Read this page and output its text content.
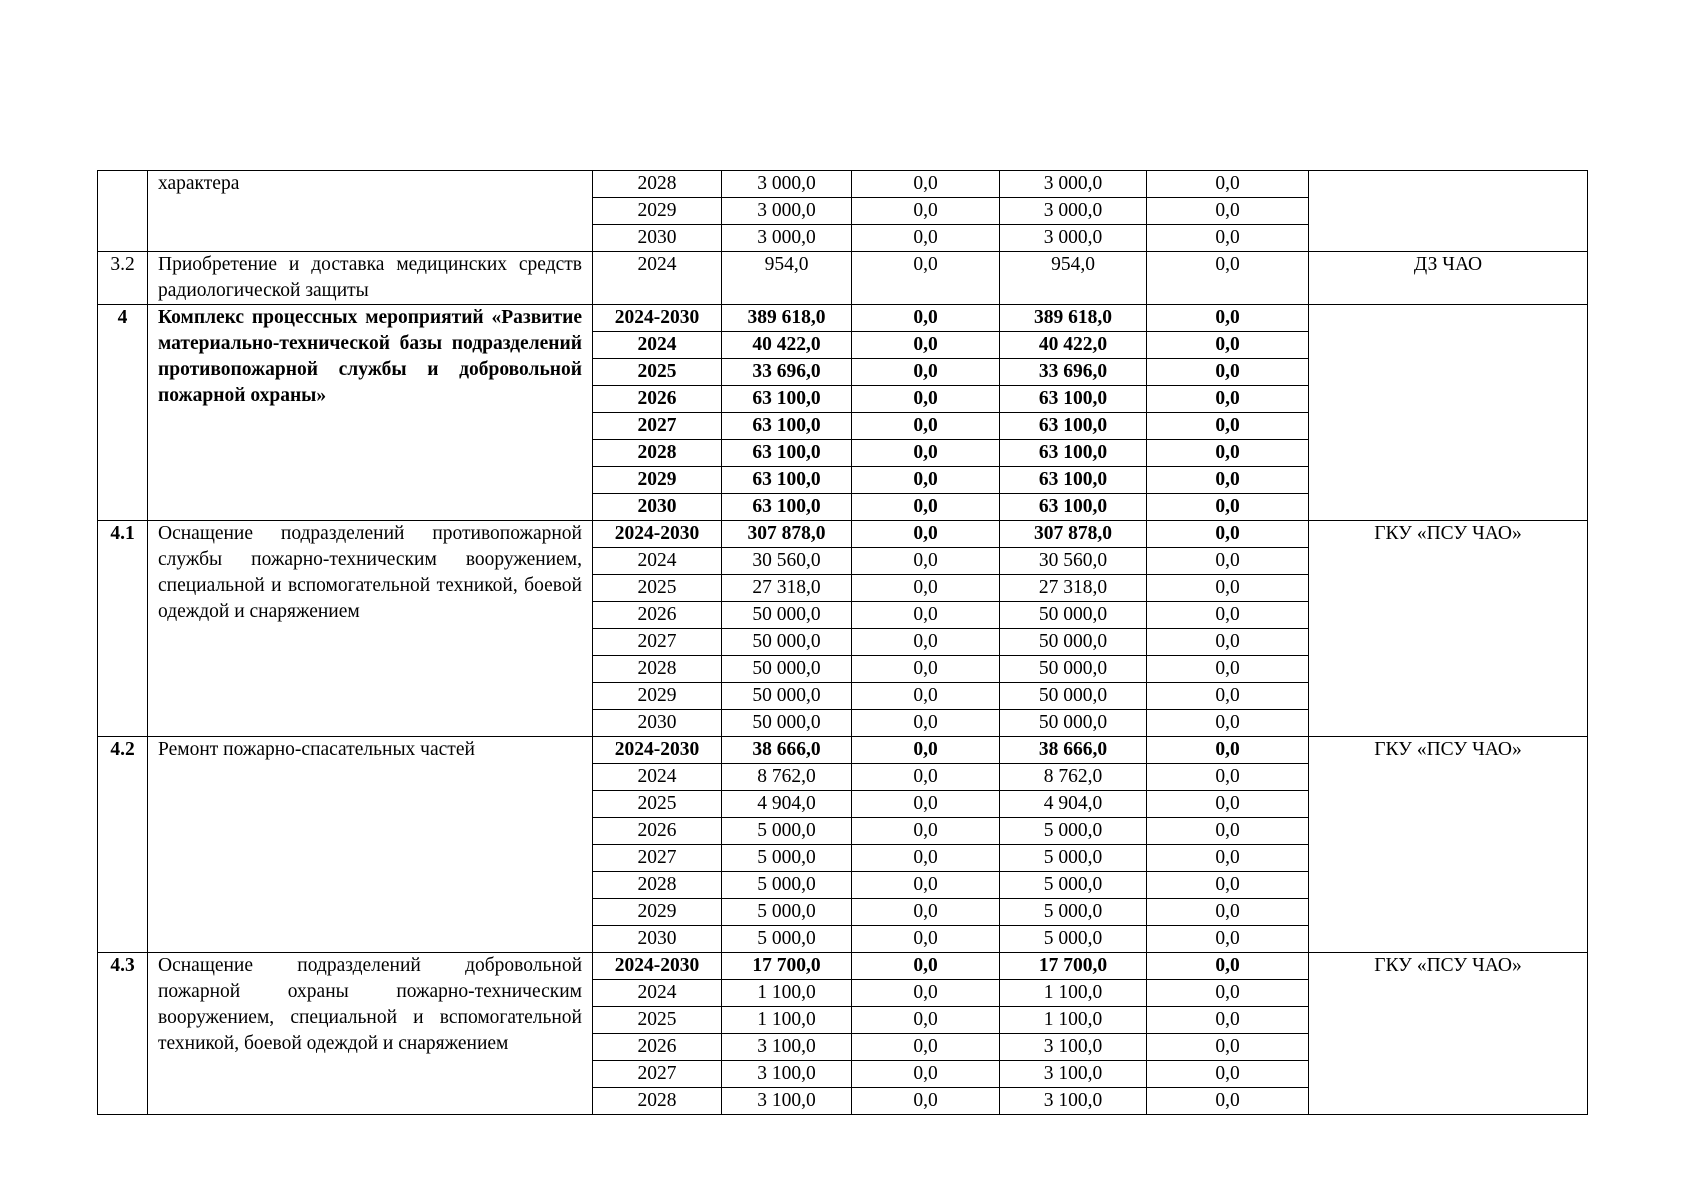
	характера	2028	3 000,0	0,0	3 000,0	0,0	
		2029	3 000,0	0,0	3 000,0	0,0	
		2030	3 000,0	0,0	3 000,0	0,0	
3.2	Приобретение и доставка медицинских средств радиологической защиты	2024	954,0	0,0	954,0	0,0	ДЗ ЧАО
4	Комплекс процессных мероприятий «Развитие материально-технической базы подразделений противопожарной службы и добровольной пожарной охраны»	2024-2030	389 618,0	0,0	389 618,0	0,0	
		2024	40 422,0	0,0	40 422,0	0,0	
		2025	33 696,0	0,0	33 696,0	0,0	
		2026	63 100,0	0,0	63 100,0	0,0	
		2027	63 100,0	0,0	63 100,0	0,0	
		2028	63 100,0	0,0	63 100,0	0,0	
		2029	63 100,0	0,0	63 100,0	0,0	
		2030	63 100,0	0,0	63 100,0	0,0	
4.1	Оснащение подразделений противопожарной службы пожарно-техническим вооружением, специальной и вспомогательной техникой, боевой одеждой и снаряжением	2024-2030	307 878,0	0,0	307 878,0	0,0	ГКУ «ПСУ ЧАО»
		2024	30 560,0	0,0	30 560,0	0,0	
		2025	27 318,0	0,0	27 318,0	0,0	
		2026	50 000,0	0,0	50 000,0	0,0	
		2027	50 000,0	0,0	50 000,0	0,0	
		2028	50 000,0	0,0	50 000,0	0,0	
		2029	50 000,0	0,0	50 000,0	0,0	
		2030	50 000,0	0,0	50 000,0	0,0	
4.2	Ремонт пожарно-спасательных частей	2024-2030	38 666,0	0,0	38 666,0	0,0	ГКУ «ПСУ ЧАО»
		2024	8 762,0	0,0	8 762,0	0,0	
		2025	4 904,0	0,0	4 904,0	0,0	
		2026	5 000,0	0,0	5 000,0	0,0	
		2027	5 000,0	0,0	5 000,0	0,0	
		2028	5 000,0	0,0	5 000,0	0,0	
		2029	5 000,0	0,0	5 000,0	0,0	
		2030	5 000,0	0,0	5 000,0	0,0	
4.3	Оснащение подразделений добровольной пожарной охраны пожарно-техническим вооружением, специальной и вспомогательной техникой, боевой одеждой и снаряжением	2024-2030	17 700,0	0,0	17 700,0	0,0	ГКУ «ПСУ ЧАО»
		2024	1 100,0	0,0	1 100,0	0,0	
		2025	1 100,0	0,0	1 100,0	0,0	
		2026	3 100,0	0,0	3 100,0	0,0	
		2027	3 100,0	0,0	3 100,0	0,0	
		2028	3 100,0	0,0	3 100,0	0,0	
